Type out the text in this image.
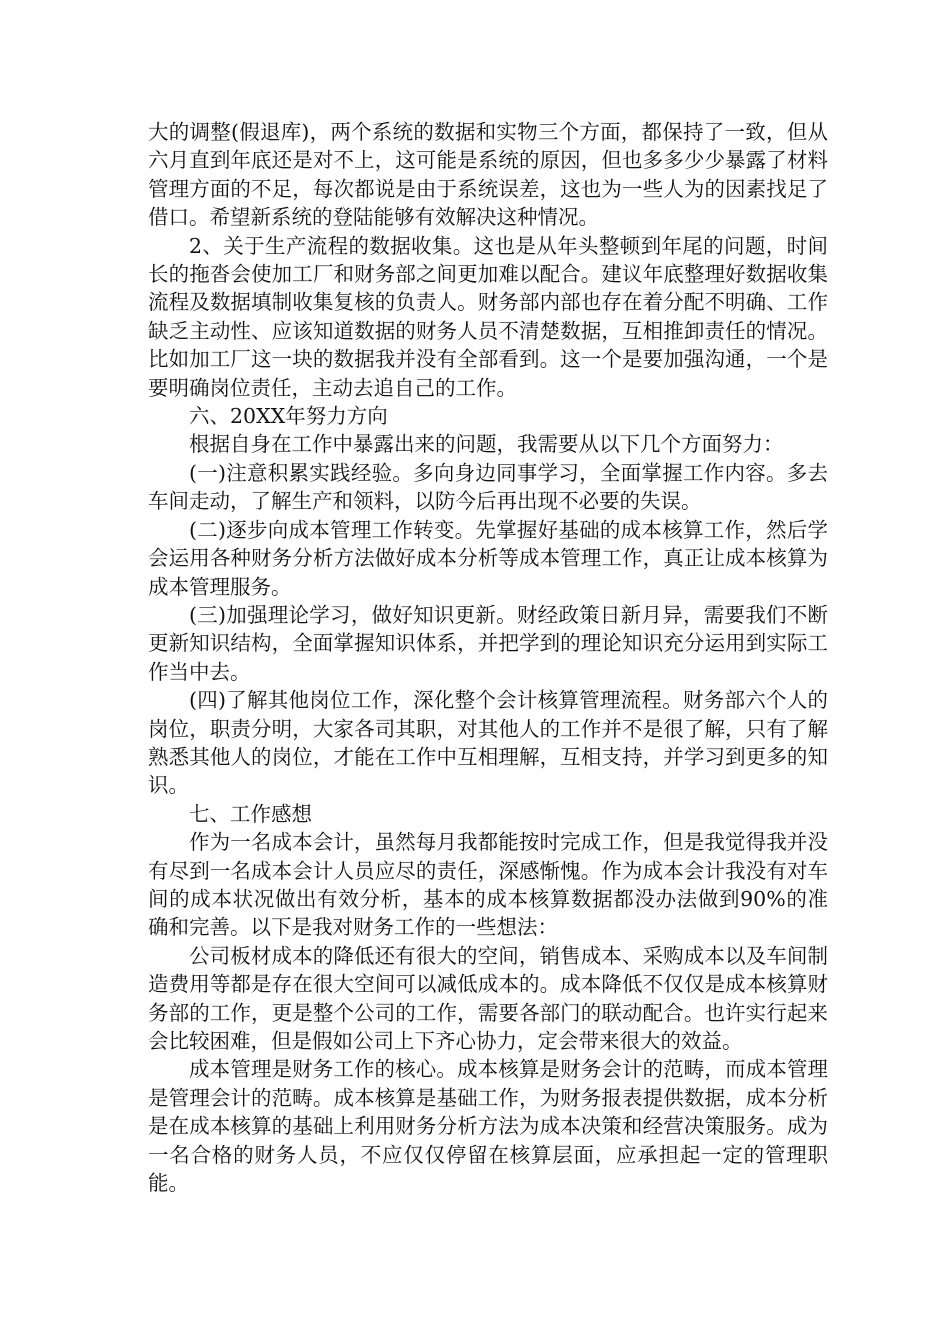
大的调整(假退库)，两个系统的数据和实物三个方面，都保持了一致，但从六月直到年底还是对不上，这可能是系统的原因，但也多多少少暴露了材料管理方面的不足，每次都说是由于系统误差，这也为一些人为的因素找足了借口。希望新系统的登陆能够有效解决这种情况。

2、关于生产流程的数据收集。这也是从年头整顿到年尾的问题，时间长的拖沓会使加工厂和财务部之间更加难以配合。建议年底整理好数据收集流程及数据填制收集复核的负责人。财务部内部也存在着分配不明确、工作缺乏主动性、应该知道数据的财务人员不清楚数据，互相推卸责任的情况。比如加工厂这一块的数据我并没有全部看到。这一个是要加强沟通，一个是要明确岗位责任，主动去追自己的工作。

六、20XX年努力方向

根据自身在工作中暴露出来的问题，我需要从以下几个方面努力：

(一)注意积累实践经验。多向身边同事学习，全面掌握工作内容。多去车间走动，了解生产和领料，以防今后再出现不必要的失误。

(二)逐步向成本管理工作转变。先掌握好基础的成本核算工作，然后学会运用各种财务分析方法做好成本分析等成本管理工作，真正让成本核算为成本管理服务。

(三)加强理论学习，做好知识更新。财经政策日新月异，需要我们不断更新知识结构，全面掌握知识体系，并把学到的理论知识充分运用到实际工作当中去。

(四)了解其他岗位工作，深化整个会计核算管理流程。财务部六个人的岗位，职责分明，大家各司其职，对其他人的工作并不是很了解，只有了解熟悉其他人的岗位，才能在工作中互相理解，互相支持，并学习到更多的知识。

七、工作感想

作为一名成本会计，虽然每月我都能按时完成工作，但是我觉得我并没有尽到一名成本会计人员应尽的责任，深感惭愧。作为成本会计我没有对车间的成本状况做出有效分析，基本的成本核算数据都没办法做到90%的准确和完善。以下是我对财务工作的一些想法：

公司板材成本的降低还有很大的空间，销售成本、采购成本以及车间制造费用等都是存在很大空间可以减低成本的。成本降低不仅仅是成本核算财务部的工作，更是整个公司的工作，需要各部门的联动配合。也许实行起来会比较困难，但是假如公司上下齐心协力，定会带来很大的效益。

成本管理是财务工作的核心。成本核算是财务会计的范畴，而成本管理是管理会计的范畴。成本核算是基础工作，为财务报表提供数据，成本分析是在成本核算的基础上利用财务分析方法为成本决策和经营决策服务。成为一名合格的财务人员，不应仅仅停留在核算层面，应承担起一定的管理职能。
